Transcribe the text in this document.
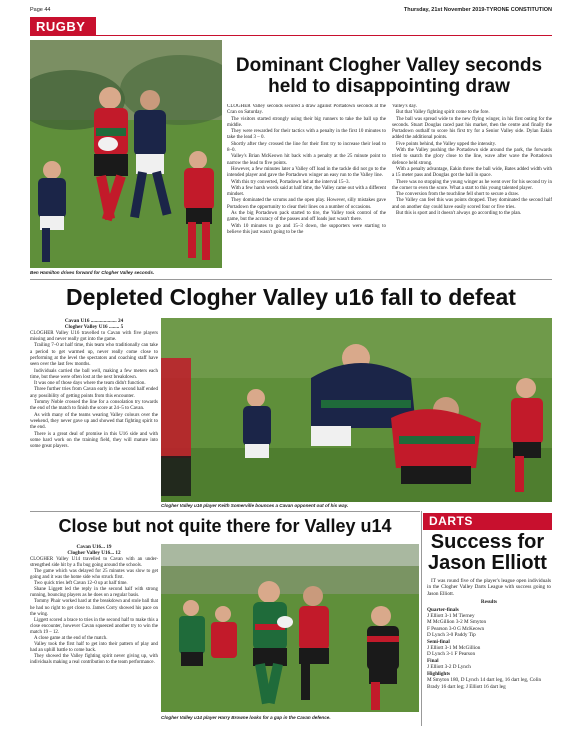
Page 44	Thursday, 21st November 2019-TYRONE CONSTITUTION
RUGBY
Ben Hamilton drives forward for Clogher Valley seconds.
Dominant Clogher Valley seconds held to disappointing draw

CLOGHER Valley seconds secured a draw against Portadown seconds at the Cran on Saturday.

The visitors started strongly using their big runners to take the ball up the middle.

They were rewarded for their tactics with a penalty in the first 10 minutes to take the lead 3 – 0.

Shortly after they crossed the line for their first try to increase their lead to 8–0.

Valley's Brian McKeown hit back with a penalty at the 25 minute point to narrow the lead to five points.

However, a few minutes later a Valley off load in the tackle did not go to the intended player and gave the Portadown winger an easy run to the Valley line.

With this try converted, Portadown led at the interval 15–3.

With a few harsh words said at half time, the Valley came out with a different mindset.

They dominated the scrums and the open play. However, silly mistakes gave Portadown the opportunity to clear their lines on a number of occasions.

As the big Portadown pack started to tire, the Valley took control of the game, but the accuracy of the passes and off loads just wasn't there.

With 10 minutes to go and 15–3 down, the supporters were starting to believe this just wasn't going to be the

Valley's day.

But that Valley fighting spirit come to the fore.

The ball was spread wide to the new flying winger, in his first outing for the seconds. Stuart Douglas raced past his marker, then the centre and finally the Portadown outhalf to score his first try for a Senior Valley side. Dylan Eakin added the additional points.

Five points behind, the Valley upped the intensity.

With the Valley pushing the Portadown side around the park, the forwards tried to snatch the glory close to the line, wave after wave the Portadown defence held strong.

With a penalty advantage, Eakin threw the ball wide, Bates added width with a 15 meter pass and Douglas got the ball in space.

There was no stopping the young winger as he went over for his second try in the corner to even the score. What a start to this young talented player.

The conversion from the touchline fell short to secure a draw.

The Valley can feel this was points dropped. They dominated the second half and on another day could have easily scored four or five tries.

But this is sport and it doesn't always go according to the plan.

Depleted Clogher Valley u16 fall to defeat
Cavan U16 .................... 24
Clogher Valley U16 ........ 5

CLOGHER Valley U16 travelled to Cavan with five players missing and never really got into the game.

Trailing 7–0 at half time, this team who traditionally can take a period to get warmed up, never really come close to performing at the level the spectators and coaching staff have seen over the last few months.

Individuals carried the ball well, making a few meters each time, but these were often lost at the next breakdown.

It was one of those days where the team didn't function.

Three further tries from Cavan early in the second half ended any possibility of getting points from this encounter.

Tommy Noble crossed the line for a consolation try towards the end of the match to finish the score at 24–5 to Cavan.

As with many of the teams wearing Valley colours over the weekend, they never gave up and showed that fighting spirit to the end.

There is a great deal of promise in this U16 side and with some hard work on the training field, they will mature into some great players.

Clogher Valley u16 player Keith Somerville bounces a Cavan opponent out of his way.
Close but not quite there for Valley u14
Cavan U16... 19
Clogher Valley U16... 12

CLOGHER Valley U14 travelled to Cavan with an under-strengthed side hit by a flu bug going around the schools.

The game which was delayed for 25 minutes was slow to get going and it was the home side who struck first.

Two quick tries left Cavan 12–0 up at half time.

Shane Liggett led the reply in the second half with strong running, bouncing players as he does on a regular basis.

Tommy Phair worked hard at the breakdown and stole ball that he had no right to get close to. James Corry showed his pace on the wing.

Liggett scored a brace to tries in the second half to make this a close encounter, however Cavan squeezed another try to win the match 19 – 12.

A close game at the end of the match.

Valley took the first half to get into their pattern of play and had an uphill battle to come back.

They showed the Valley fighting spirit never giving up, with individuals making a real contribution to the team performance.

Clogher Valley u14 player Harry Browne looks for a gap in the Cavan defence.
DARTS
Success for Jason Elliott

IT was round five of the player's league open individuals in the Clogher Valley Darts League with success going to Jason Elliott.

Results
Quarter-finals
J Elliott 3-1 M Tierney
M McGillion 3-2 M Smyton
F Pearson 3-0 G McKeown
D Lynch 3-0 Paddy Tip
Semi-final
J Elliott 3-1 M McGillion
D Lynch 3-1 F Pearson
Final
J Elliott 3-2 D Lynch
Highlights
M Smyton 180, D Lynch 14 dart leg, 16 dart leg, Colin Brady 16 dart leg; J Elliott 16 dart leg
